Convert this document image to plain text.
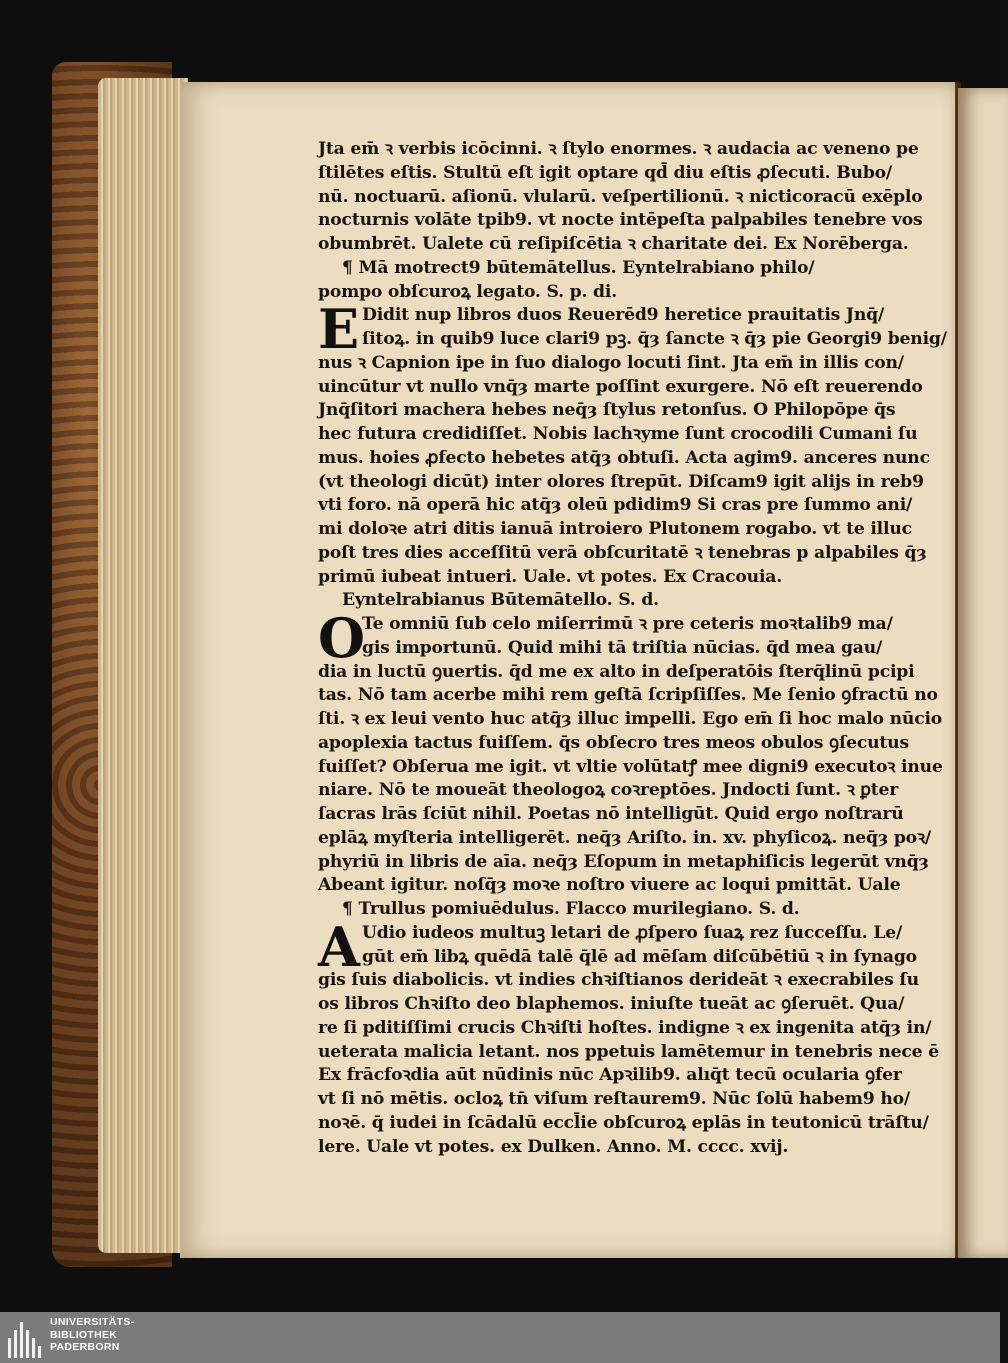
Jta em̄ ꝛ verbis icōcinni. ꝛ ſtylo enormes. ꝛ audacia ac veneno pe
ſtilētes eſtis. Stultū eſt igit optare qd̄ diu eſtis ꝓſecuti. Bubo/
nū. noctuarū. aſionū. vlularū. veſpertilionū. ꝛ nicticoracū exēplo
nocturnis volāte tpib9. vt nocte intēpeſta palpabiles tenebre vos
obumbrēt. Ualete cū reſipiſcētia ꝛ charitate dei. Ex Norēberga.
¶ Mā motrect9 būtemātellus. Eyntelrabiano philo/
pompo obſcuroꝝ legato. S. p. di.
Didit nup libros duos Reuerēd9 heretice prauitatis Jnq̄/
ſitoꝝ. in quib9 luce clari9 pꝫ. q̄ȝ ſancte ꝛ q̄ȝ pie Georgi9 benig/
nus ꝛ Capnion ipe in ſuo dialogo locuti ſint. Jta em̄ in illis con/
uincūtur vt nullo vnq̄ȝ marte poſſint exurgere. Nō eſt reuerendo
Jnq̄ſitori machera hebes neq̄ȝ ſtylus retonſus. O Philopōpe q̄s
hec futura credidiſſet. Nobis lachꝛyme ſunt crocodili Cumani ſu
mus. hoies ꝓfecto hebetes atq̄ȝ obtuſi. Acta agim9. anceres nunc
(vt theologi dicūt) inter olores ſtrepūt. Diſcam9 igit alijs in reb9
vti foro. nā operā hic atq̄ȝ oleū pdidim9 Si cras pre ſummo ani/
mi doloꝛe atri ditis ianuā introiero Plutonem rogabo. vt te illuc
poſt tres dies acceſſitū verā obſcuritatē ꝛ tenebras p alpabiles q̄ȝ
primū iubeat intueri. Uale. vt potes. Ex Cracouia.
Eyntelrabianus Būtemātello. S. d.
Te omniū ſub celo miſerrimū ꝛ pre ceteris moꝛtalib9 ma/
gis importunū. Quid mihi tā triſtia nūcias. q̄d mea gau/
dia in luctū ꝯuertis. q̄d me ex alto in deſperatōis ſterq̄linū pcipi
tas. Nō tam acerbe mihi rem geſtā ſcripſiſſes. Me ſenio ꝯfractū no
ſti. ꝛ ex leui vento huc atq̄ȝ illuc impelli. Ego em̄ ſi hoc malo nūcio
apoplexia tactus fuiſſem. q̄s obſecro tres meos obulos ꝯſecutus
fuiſſet? Obſerua me igit. vt vltie volūtatꝭ mee digni9 executoꝛ inue
niare. Nō te moueāt theologoꝝ coꝛreptōes. Jndocti ſunt. ꝛ ꝑter
ſacras lrās ſciūt nihil. Poetas nō intelligūt. Quid ergo noſtrarū
eplāꝝ myſteria intelligerēt. neq̄ȝ Ariſto. in. xv. phyſicoꝝ. neq̄ȝ poꝛ/
phyriū in libris de aīa. neq̄ȝ Eſopum in metaphiſicis legerūt vnq̄ȝ
Abeant igitur. noſq̄ȝ moꝛe noſtro viuere ac loqui pmittāt. Uale
¶ Trullus pomiuēdulus. Flacco murilegiano. S. d.
Udio iudeos multuꝫ letari de ꝓſpero ſuaꝝ rez ſucceſſu. Le/
gūt em̄ libꝝ quēdā talē q̄lē ad mēſam diſcūbētiū ꝛ in ſynago
gis ſuis diabolicis. vt indies chꝛiſtianos derideāt ꝛ execrabiles ſu
os libros Chꝛiſto deo blaphemos. iniuſte tueāt ac ꝯſeruēt. Qua/
re ſi pditiſſimi crucis Chꝛiſti hoſtes. indigne ꝛ ex ingenita atq̄ȝ in/
ueterata malicia letant. nos ppetuis lamētemur in tenebris nece ē
Ex frācfoꝛdia aūt nūdinis nūc Apꝛilib9. alıq̄t tecū ocularia ꝯfer
vt ſi nō mētis. ocloꝝ tn̄ viſum reſtaurem9. Nūc ſolū habem9 ho/
noꝛē. q̄ iudei in ſcādalū eccl̄ie obſcuroꝝ eplās in teutonicū trāſtu/
lere. Uale vt potes. ex Dulken. Anno. M. cccc. xvij.
E
O
A
UNIVERSITÄTS-
BIBLIOTHEK
PADERBORN
